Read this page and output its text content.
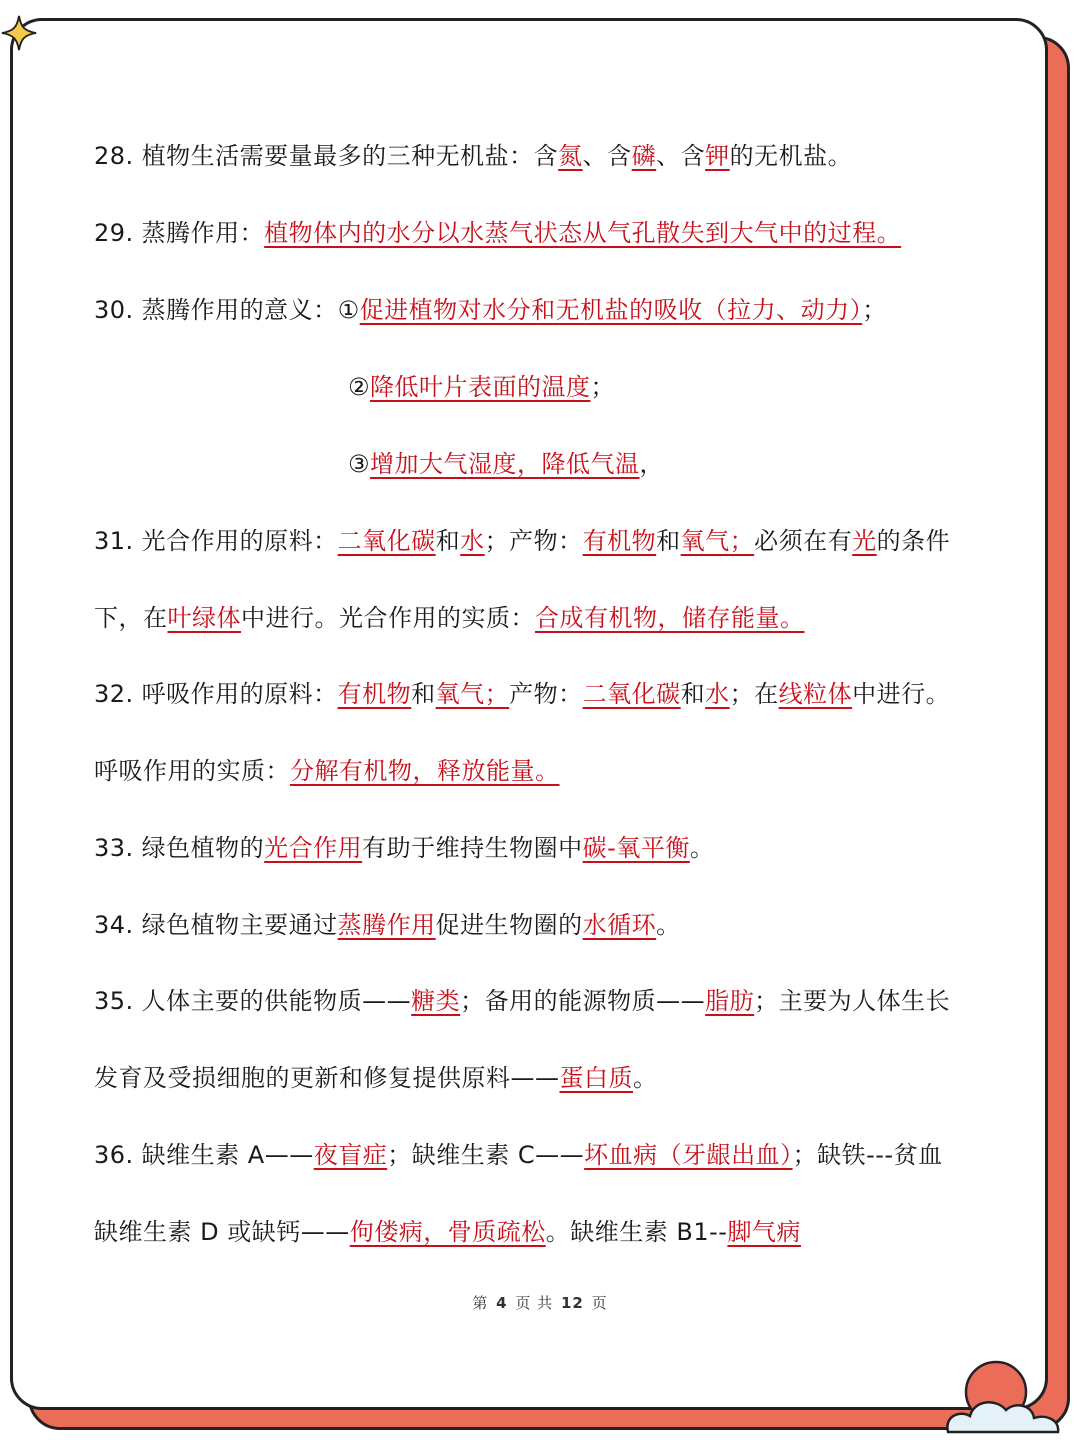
28. 植物生活需要量最多的三种无机盐：含氮、含磷、含钾的无机盐。
29. 蒸腾作用：植物体内的水分以水蒸气状态从气孔散失到大气中的过程。
30. 蒸腾作用的意义：①促进植物对水分和无机盐的吸收（拉力、动力）；
②降低叶片表面的温度；
③增加大气湿度，降低气温，
31. 光合作用的原料：二氧化碳和水；产物：有机物和氧气；必须在有光的条件
下，在叶绿体中进行。光合作用的实质：合成有机物，储存能量。
32. 呼吸作用的原料：有机物和氧气；产物：二氧化碳和水；在线粒体中进行。
呼吸作用的实质：分解有机物，释放能量。
33. 绿色植物的光合作用有助于维持生物圈中碳-氧平衡。
34. 绿色植物主要通过蒸腾作用促进生物圈的水循环。
35. 人体主要的供能物质——糖类；备用的能源物质——脂肪；主要为人体生长
发育及受损细胞的更新和修复提供原料——蛋白质。
36. 缺维生素 A——夜盲症；缺维生素 C——坏血病（牙龈出血）；缺铁---贫血
缺维生素 D 或缺钙——佝偻病，骨质疏松。缺维生素 B1--脚气病
第 4 页 共 12 页
